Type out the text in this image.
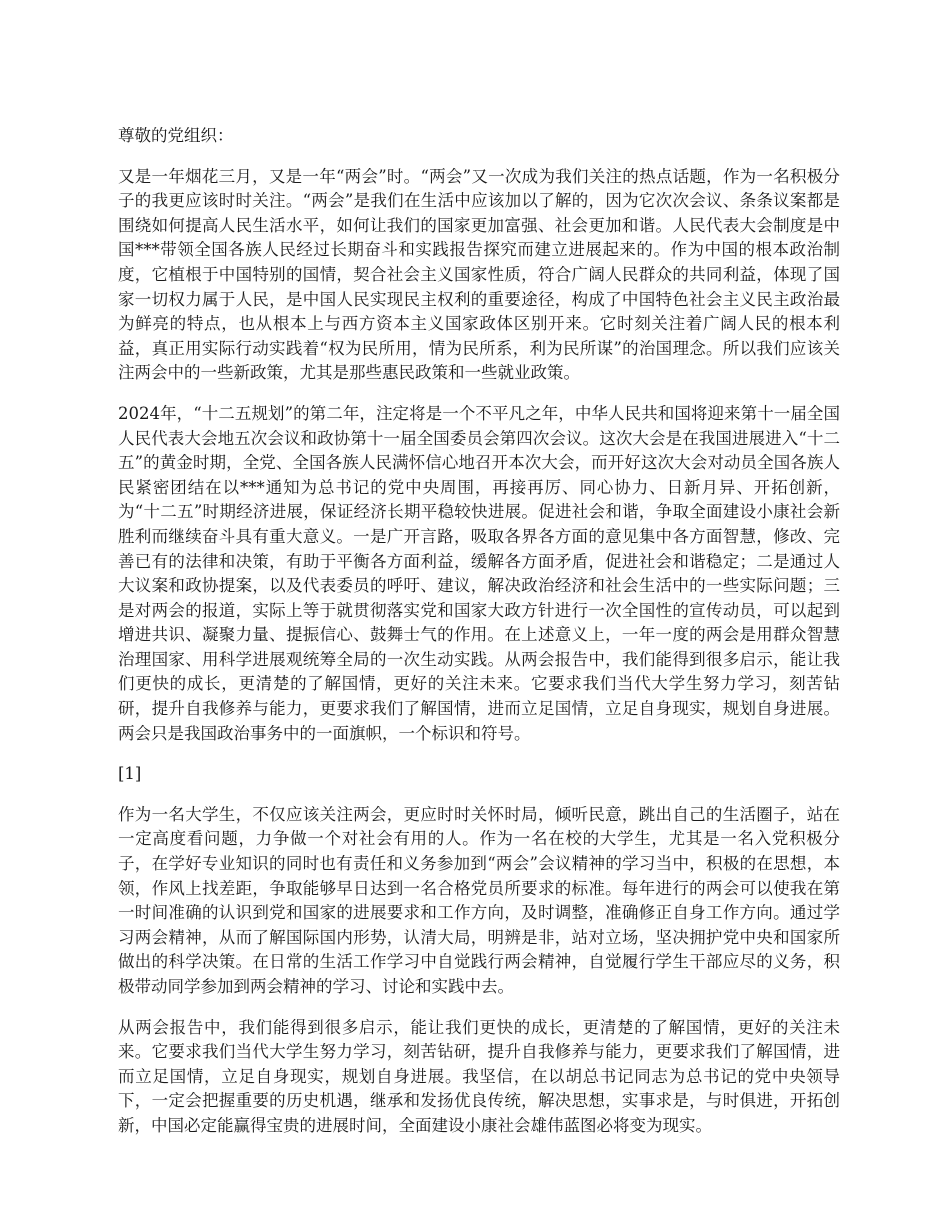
尊敬的党组织：

又是一年烟花三月，又是一年“两会”时。“两会”又一次成为我们关注的热点话题，作为一名积极分子的我更应该时时关注。“两会”是我们在生活中应该加以了解的，因为它次次会议、条条议案都是围绕如何提高人民生活水平，如何让我们的国家更加富强、社会更加和谐。人民代表大会制度是中国***带领全国各族人民经过长期奋斗和实践报告探究而建立进展起来的。作为中国的根本政治制度，它植根于中国特别的国情，契合社会主义国家性质，符合广阔人民群众的共同利益，体现了国家一切权力属于人民，是中国人民实现民主权利的重要途径，构成了中国特色社会主义民主政治最为鲜亮的特点，也从根本上与西方资本主义国家政体区别开来。它时刻关注着广阔人民的根本利益，真正用实际行动实践着“权为民所用，情为民所系，利为民所谋”的治国理念。所以我们应该关注两会中的一些新政策，尤其是那些惠民政策和一些就业政策。

2024年，“十二五规划”的第二年，注定将是一个不平凡之年，中华人民共和国将迎来第十一届全国人民代表大会地五次会议和政协第十一届全国委员会第四次会议。这次大会是在我国进展进入“十二五”的黄金时期，全党、全国各族人民满怀信心地召开本次大会，而开好这次大会对动员全国各族人民紧密团结在以***通知为总书记的党中央周围，再接再厉、同心协力、日新月异、开拓创新，为“十二五”时期经济进展，保证经济长期平稳较快进展。促进社会和谐，争取全面建设小康社会新胜利而继续奋斗具有重大意义。一是广开言路，吸取各界各方面的意见集中各方面智慧，修改、完善已有的法律和决策，有助于平衡各方面利益，缓解各方面矛盾，促进社会和谐稳定；二是通过人大议案和政协提案，以及代表委员的呼吁、建议，解决政治经济和社会生活中的一些实际问题；三是对两会的报道，实际上等于就贯彻落实党和国家大政方针进行一次全国性的宣传动员，可以起到增进共识、凝聚力量、提振信心、鼓舞士气的作用。在上述意义上，一年一度的两会是用群众智慧治理国家、用科学进展观统筹全局的一次生动实践。从两会报告中，我们能得到很多启示，能让我们更快的成长，更清楚的了解国情，更好的关注未来。它要求我们当代大学生努力学习，刻苦钻研，提升自我修养与能力，更要求我们了解国情，进而立足国情，立足自身现实，规划自身进展。两会只是我国政治事务中的一面旗帜，一个标识和符号。

[1]

作为一名大学生，不仅应该关注两会，更应时时关怀时局，倾听民意，跳出自己的生活圈子，站在一定高度看问题，力争做一个对社会有用的人。作为一名在校的大学生，尤其是一名入党积极分子，在学好专业知识的同时也有责任和义务参加到“两会”会议精神的学习当中，积极的在思想，本领，作风上找差距，争取能够早日达到一名合格党员所要求的标准。每年进行的两会可以使我在第一时间准确的认识到党和国家的进展要求和工作方向，及时调整，准确修正自身工作方向。通过学习两会精神，从而了解国际国内形势，认清大局，明辨是非，站对立场，坚决拥护党中央和国家所做出的科学决策。在日常的生活工作学习中自觉践行两会精神，自觉履行学生干部应尽的义务，积极带动同学参加到两会精神的学习、讨论和实践中去。

从两会报告中，我们能得到很多启示，能让我们更快的成长，更清楚的了解国情，更好的关注未来。它要求我们当代大学生努力学习，刻苦钻研，提升自我修养与能力，更要求我们了解国情，进而立足国情，立足自身现实，规划自身进展。我坚信，在以胡总书记同志为总书记的党中央领导下，一定会把握重要的历史机遇，继承和发扬优良传统，解决思想，实事求是，与时俱进，开拓创新，中国必定能赢得宝贵的进展时间，全面建设小康社会雄伟蓝图必将变为现实。
